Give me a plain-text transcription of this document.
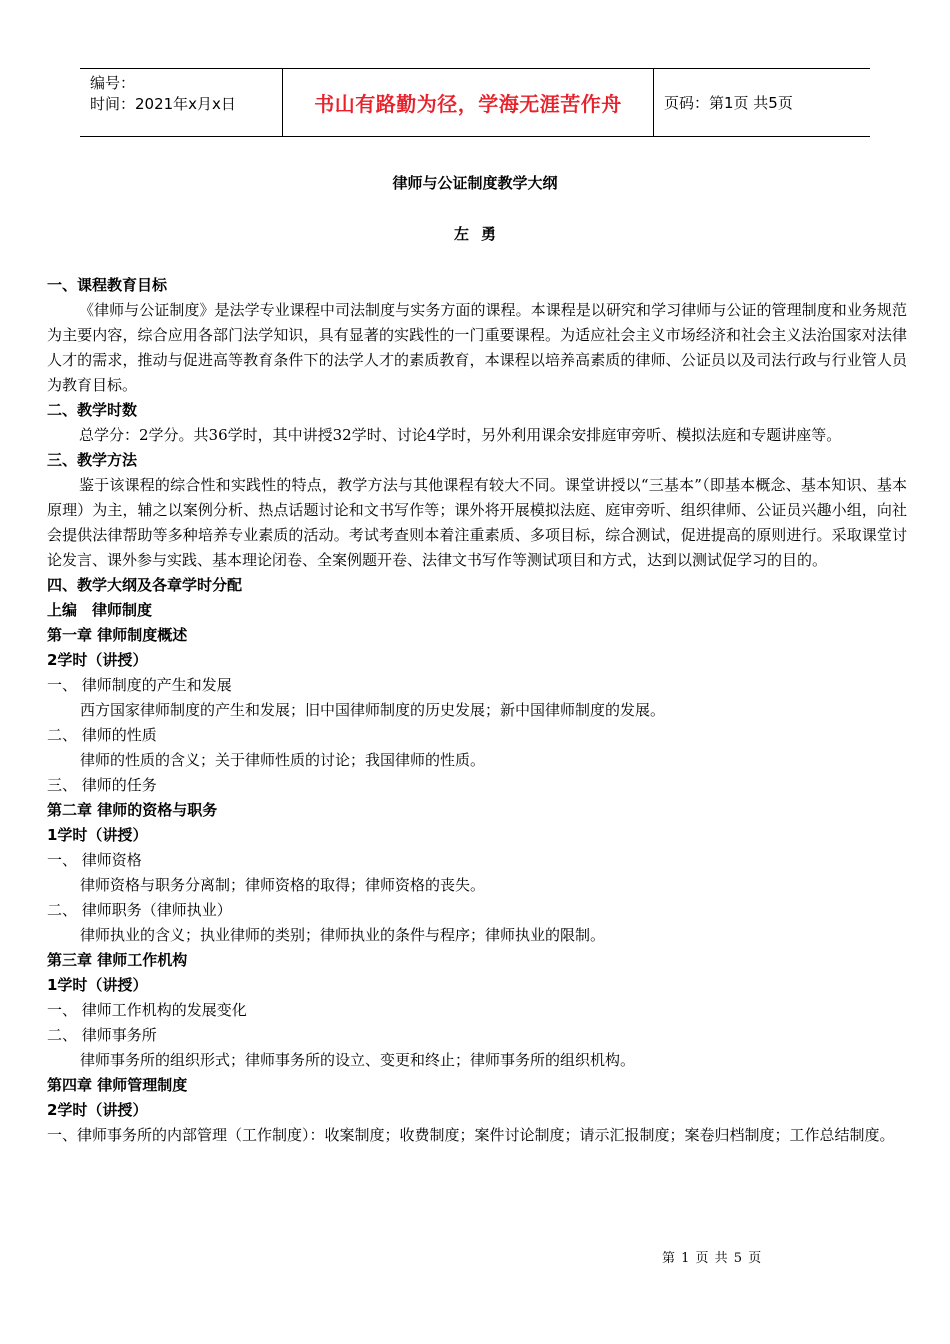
编号：
时间：2021年x月x日	书山有路勤为径，学海无涯苦作舟	页码：第1页 共5页
律师与公证制度教学大纲
左勇

一、课程教育目标

《律师与公证制度》是法学专业课程中司法制度与实务方面的课程。本课程是以研究和学习律师与公证的管理制度和业务规范为主要内容，综合应用各部门法学知识，具有显著的实践性的一门重要课程。为适应社会主义市场经济和社会主义法治国家对法律人才的需求，推动与促进高等教育条件下的法学人才的素质教育，本课程以培养高素质的律师、公证员以及司法行政与行业管人员为教育目标。

二、教学时数

总学分：2学分。共36学时，其中讲授32学时、讨论4学时，另外利用课余安排庭审旁听、模拟法庭和专题讲座等。

三、教学方法

鉴于该课程的综合性和实践性的特点，教学方法与其他课程有较大不同。课堂讲授以“三基本”（即基本概念、基本知识、基本原理）为主，辅之以案例分析、热点话题讨论和文书写作等；课外将开展模拟法庭、庭审旁听、组织律师、公证员兴趣小组，向社会提供法律帮助等多种培养专业素质的活动。考试考查则本着注重素质、多项目标，综合测试，促进提高的原则进行。采取课堂讨论发言、课外参与实践、基本理论闭卷、全案例题开卷、法律文书写作等测试项目和方式，达到以测试促学习的目的。

四、教学大纲及各章学时分配

上编　律师制度

第一章 律师制度概述

2学时（讲授）

一、 律师制度的产生和发展

西方国家律师制度的产生和发展；旧中国律师制度的历史发展；新中国律师制度的发展。

二、 律师的性质

律师的性质的含义；关于律师性质的讨论；我国律师的性质。

三、 律师的任务

第二章 律师的资格与职务

1学时（讲授）

一、 律师资格

律师资格与职务分离制；律师资格的取得；律师资格的丧失。

二、 律师职务（律师执业）

律师执业的含义；执业律师的类别；律师执业的条件与程序；律师执业的限制。

第三章 律师工作机构

1学时（讲授）

一、 律师工作机构的发展变化

二、 律师事务所

律师事务所的组织形式；律师事务所的设立、变更和终止；律师事务所的组织机构。

第四章 律师管理制度

2学时（讲授）

一、律师事务所的内部管理（工作制度）：收案制度；收费制度；案件讨论制度；请示汇报制度；案卷归档制度；工作总结制度。

第 1 页 共 5 页
